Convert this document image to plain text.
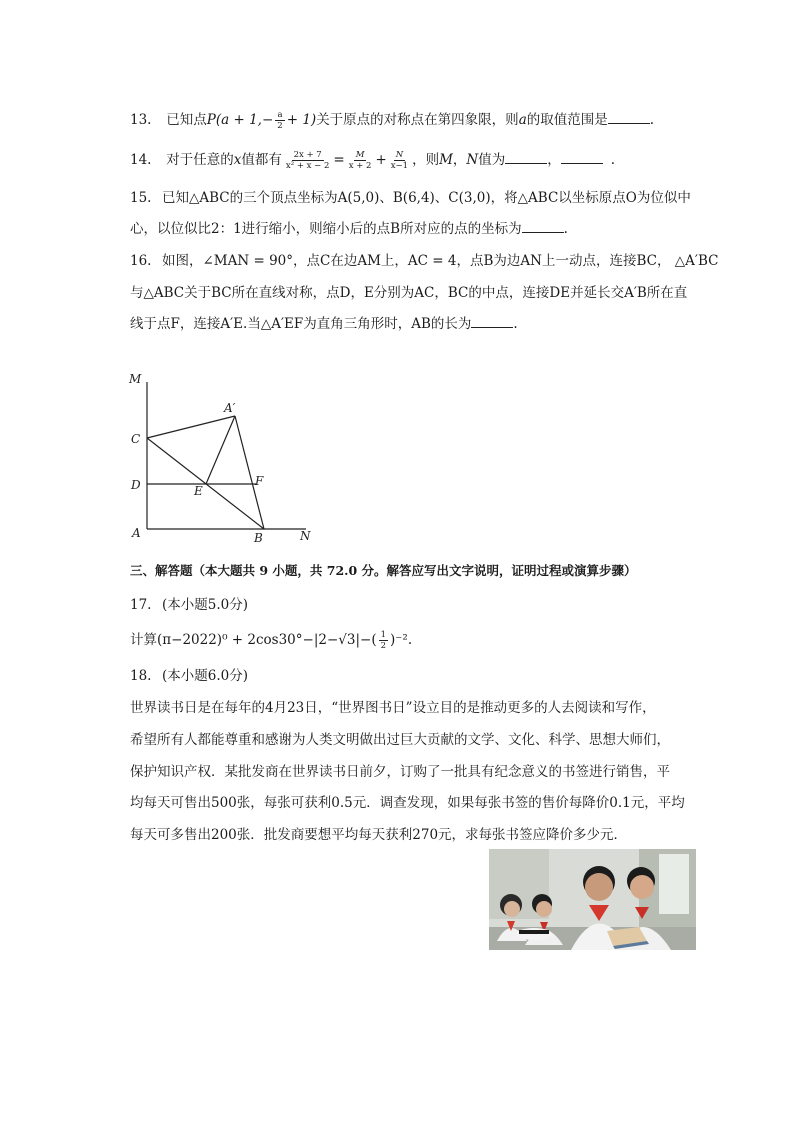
13. 已知点$P(a + 1,- \frac{a}{2} + 1)$关于原点的对称点在第四象限，则a的取值范围是	.
14. 对于任意的x值都有 $\frac{2x + 7}{\text{x² + x − 2}} = \frac{M}{x + 2} + \frac{N}{x-1}$ ，则M，N值为	，	.
15. 已知△ABC的三个顶点坐标为A(5,0)、B(6,4)、C(3,0)，将△ABC以坐标原点O为位似中
心，以位似比2：1进行缩小，则缩小后的点B所对应的点的坐标为	.
16. 如图，∠MAN = 90°，点C在边AM上，AC = 4，点B为边AN上一动点，连接BC， △A′BC
与△ABC关于BC所在直线对称，点D，E分别为AC，BC的中点，连接DE并延长交A′B所在直
线于点F，连接A′E.当△A′EF为直角三角形时，AB的长为	.
M
A′
C
D	E
F
A	B	N
三、解答题（本大题共 9 小题，共 72.0 分。解答应写出文字说明，证明过程或演算步骤）
17. (本小题5.0分)
计算$(\pi-2022)^0 + 2\cos 30^\circ-|2-√3|-( \frac{1}{2} )^{-2}$.
18. (本小题6.0分)
世界读书日是在每年的4月23日，“世界图书日”设立目的是推动更多的人去阅读和写作，
希望所有人都能尊重和感谢为人类文明做出过巨大贡献的文学、文化、科学、思想大师们，
保护知识产权．某批发商在世界读书日前夕，订购了一批具有纪念意义的书签进行销售，平
均每天可售出500张，每张可获利0.5元．调查发现，如果每张书签的售价每降价0.1元，平均
每天可多售出200张．批发商要想平均每天获利270元，求每张书签应降价多少元．
